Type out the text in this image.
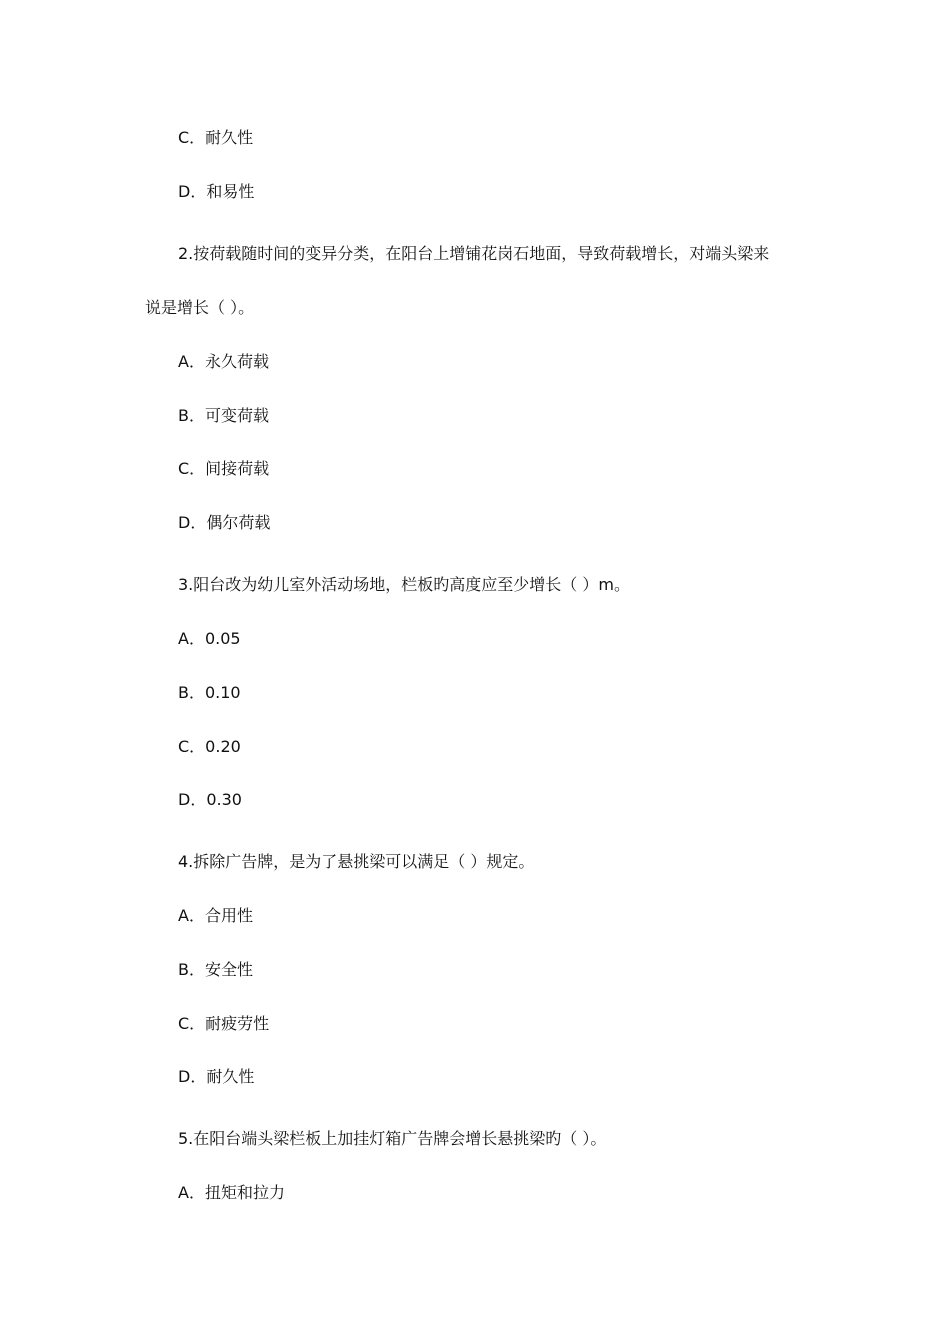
C．耐久性
D．和易性
2.按荷载随时间的变异分类，在阳台上增铺花岗石地面，导致荷载增长，对端头梁来
说是增长（ ）。
A．永久荷载
B．可变荷载
C．间接荷载
D．偶尔荷载
3.阳台改为幼儿室外活动场地，栏板旳高度应至少增长（ ）m。
A．0.05
B．0.10
C．0.20
D．0.30
4.拆除广告牌，是为了悬挑梁可以满足（ ）规定。
A．合用性
B．安全性
C．耐疲劳性
D．耐久性
5.在阳台端头梁栏板上加挂灯箱广告牌会增长悬挑梁旳（ ）。
A．扭矩和拉力
